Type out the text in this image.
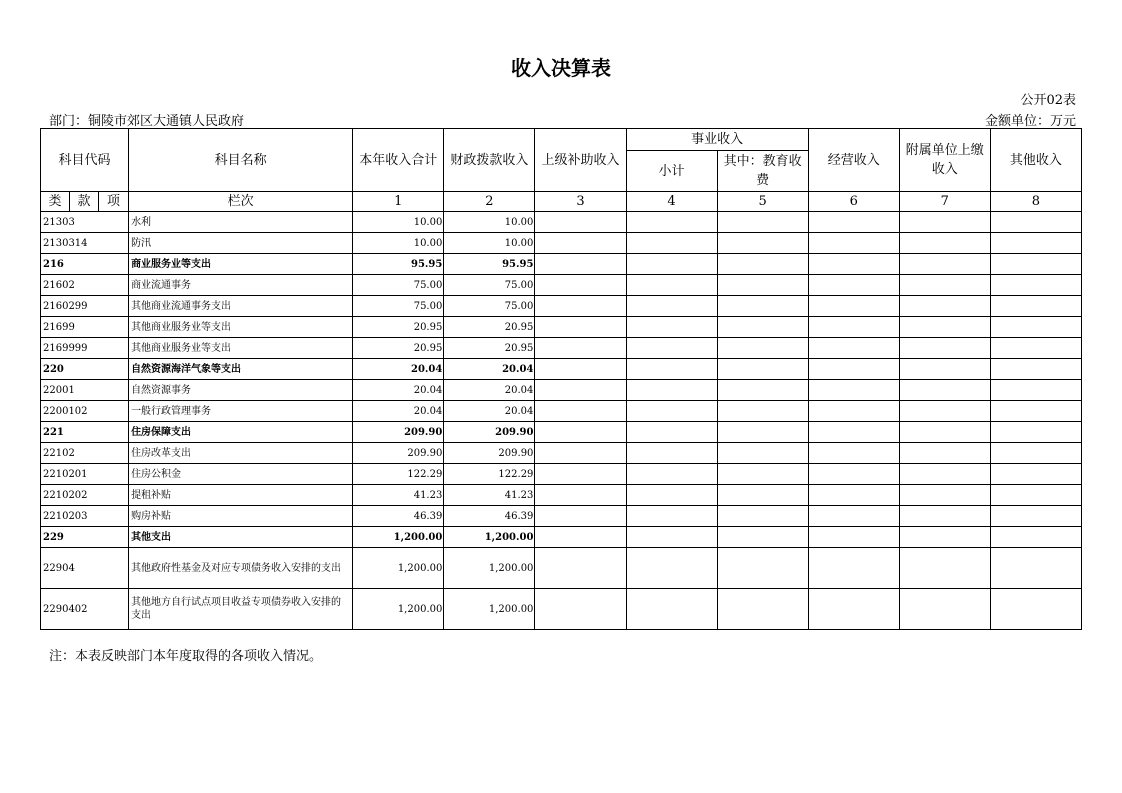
收入决算表
公开02表
部门：铜陵市郊区大通镇人民政府	金额单位：万元
科目代码			科目名称	本年收入合计	财政拨款收入	上级补助收入	事业收入		经营收入	附属单位上缴收入	其他收入
							小计	其中：教育收费			
类	款	项	栏次	1	2	3	4	5	6	7	8
21303			水利	10.00	10.00						
2130314			防汛	10.00	10.00						
216			商业服务业等支出	95.95	95.95						
21602			商业流通事务	75.00	75.00						
2160299			其他商业流通事务支出	75.00	75.00						
21699			其他商业服务业等支出	20.95	20.95						
2169999			其他商业服务业等支出	20.95	20.95						
220			自然资源海洋气象等支出	20.04	20.04						
22001			自然资源事务	20.04	20.04						
2200102			一般行政管理事务	20.04	20.04						
221			住房保障支出	209.90	209.90						
22102			住房改革支出	209.90	209.90						
2210201			住房公积金	122.29	122.29						
2210202			提租补贴	41.23	41.23						
2210203			购房补贴	46.39	46.39						
229			其他支出	1,200.00	1,200.00						
22904			其他政府性基金及对应专项债务收入安排的支出	1,200.00	1,200.00						
2290402			其他地方自行试点项目收益专项债券收入安排的支出	1,200.00	1,200.00						
注：本表反映部门本年度取得的各项收入情况。
